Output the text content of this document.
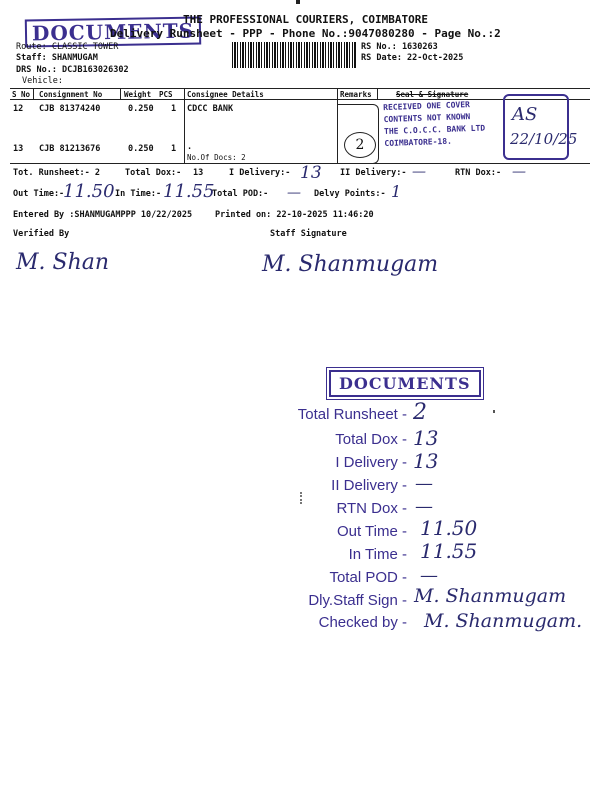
DOCUMENTS
THE PROFESSIONAL COURIERS, COIMBATORE
Delivery Runsheet - PPP - Phone No.:9047080280 - Page No.:2
Route: CLASSIC TOWER
Staff: SHANMUGAM
DRS No.: DCJB163026302
Vehicle:
RS No.: 1630263
RS Date: 22-Oct-2025
S No Consignment No	Weight PCS Consignee Details	Remarks	Seal & Signature
12 CJB 81374240	0.250 1 CDCC BANK
13 CJB 81213676	0.250 1 .
No.Of Docs: 2
2
RECEIVED ONE COVER
CONTENTS NOT KNOWN
THE C.O.C.C. BANK LTD
COIMBATORE-18.
AS
22/10/25
Tot. Runsheet:- 2	Total Dox:- 13	I Delivery:- 13 II Delivery:- —	RTN Dox:- —
Out Time:-
11.50 In Time:- 11.55
Total POD:- — Delvy Points:- 1
Entered By :SHANMUGAMPPP 10/22/2025	Printed on: 22-10-2025 11:46:20
Verified By	Staff Signature
M. Shan	M. Shanmugam
DOCUMENTS
Total Runsheet - 2
Total Dox - 13
I Delivery - 13
II Delivery - —
RTN Dox - —
Out Time - 11.50
In Time - 11.55
Total POD - —
Dly.Staff Sign - M. Shanmugam
Checked by - M. Shanmugam.
